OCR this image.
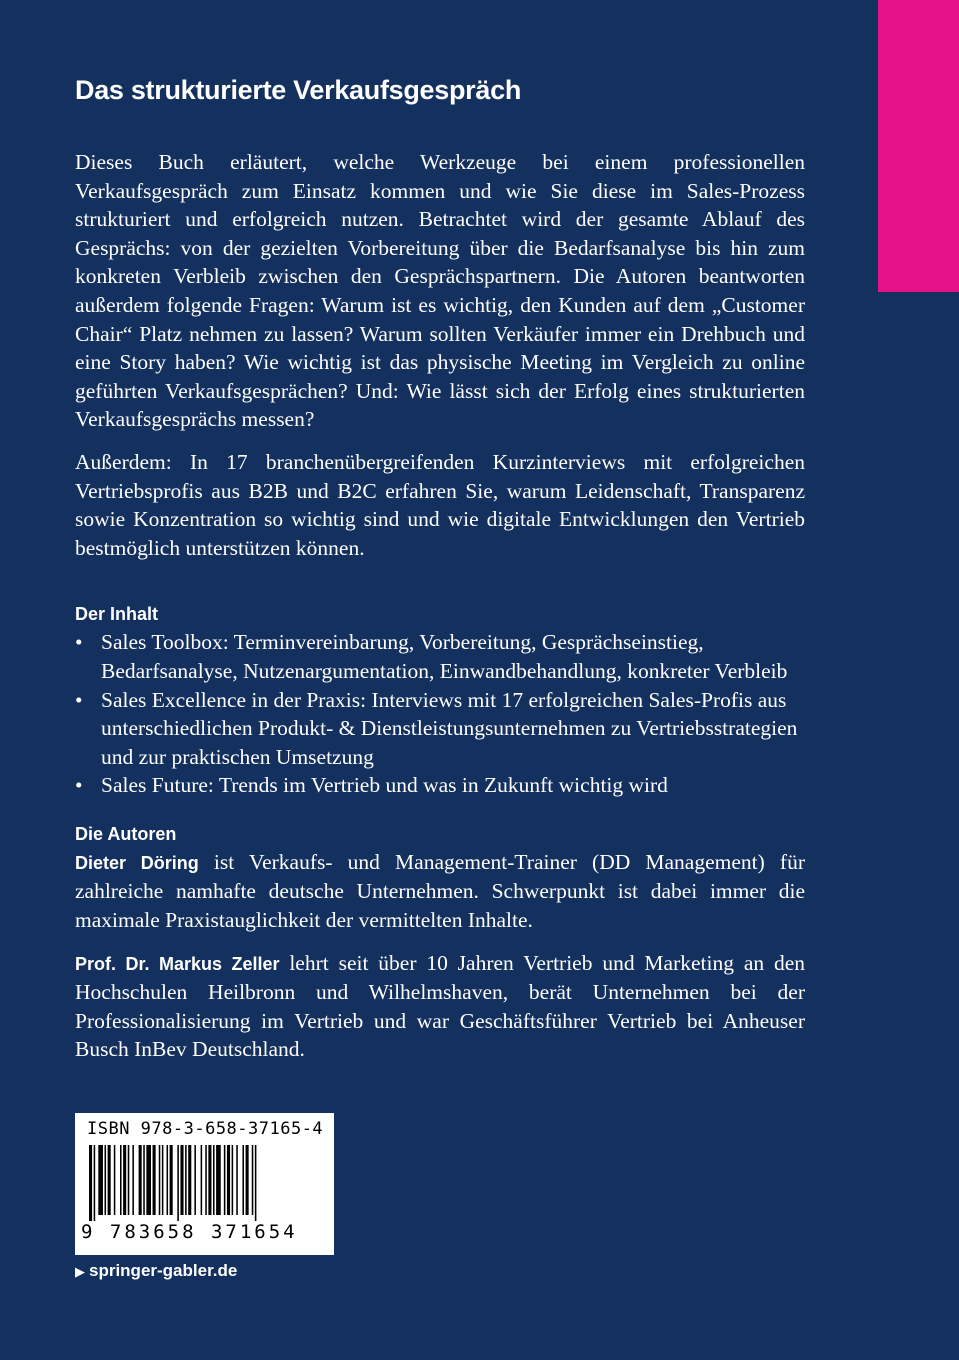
Das strukturierte Verkaufsgespräch

Dieses Buch erläutert, welche Werkzeuge bei einem professionellen Verkaufsgespräch zum Einsatz kommen und wie Sie diese im Sales-Prozess strukturiert und erfolgreich nutzen. Betrachtet wird der gesamte Ablauf des Gesprächs: von der gezielten Vorbereitung über die Bedarfsanalyse bis hin zum konkreten Verbleib zwischen den Gesprächspartnern. Die Autoren beantworten außerdem folgende Fragen: Warum ist es wichtig, den Kunden auf dem „Customer Chair“ Platz nehmen zu lassen? Warum sollten Verkäufer immer ein Drehbuch und eine Story haben? Wie wichtig ist das physische Meeting im Vergleich zu online geführten Verkaufsgesprächen? Und: Wie lässt sich der Erfolg eines strukturierten Verkaufsgesprächs messen?

Außerdem: In 17 branchenübergreifenden Kurzinterviews mit erfolgreichen Vertriebsprofis aus B2B und B2C erfahren Sie, warum Leidenschaft, Transparenz sowie Konzentration so wichtig sind und wie digitale Entwicklungen den Vertrieb bestmöglich unterstützen können.

Der Inhalt
• Sales Toolbox: Terminvereinbarung, Vorbereitung, Gesprächseinstieg, Bedarfsanalyse, Nutzenargumentation, Einwandbehandlung, konkreter Verbleib
• Sales Excellence in der Praxis: Interviews mit 17 erfolgreichen Sales-Profis aus unterschiedlichen Produkt- & Dienstleistungsunternehmen zu Vertriebsstrategien und zur praktischen Umsetzung
• Sales Future: Trends im Vertrieb und was in Zukunft wichtig wird
Die Autoren

Dieter Döring ist Verkaufs- und Management-Trainer (DD Management) für zahlreiche namhafte deutsche Unternehmen. Schwerpunkt ist dabei immer die maximale Praxistauglichkeit der vermittelten Inhalte.

Prof. Dr. Markus Zeller lehrt seit über 10 Jahren Vertrieb und Marketing an den Hochschulen Heilbronn und Wilhelmshaven, berät Unternehmen bei der Professionalisierung im Vertrieb und war Geschäftsführer Vertrieb bei Anheuser Busch InBev Deutschland.

ISBN 978-3-658-37165-4
9 783658 371654
▶ springer-gabler.de
